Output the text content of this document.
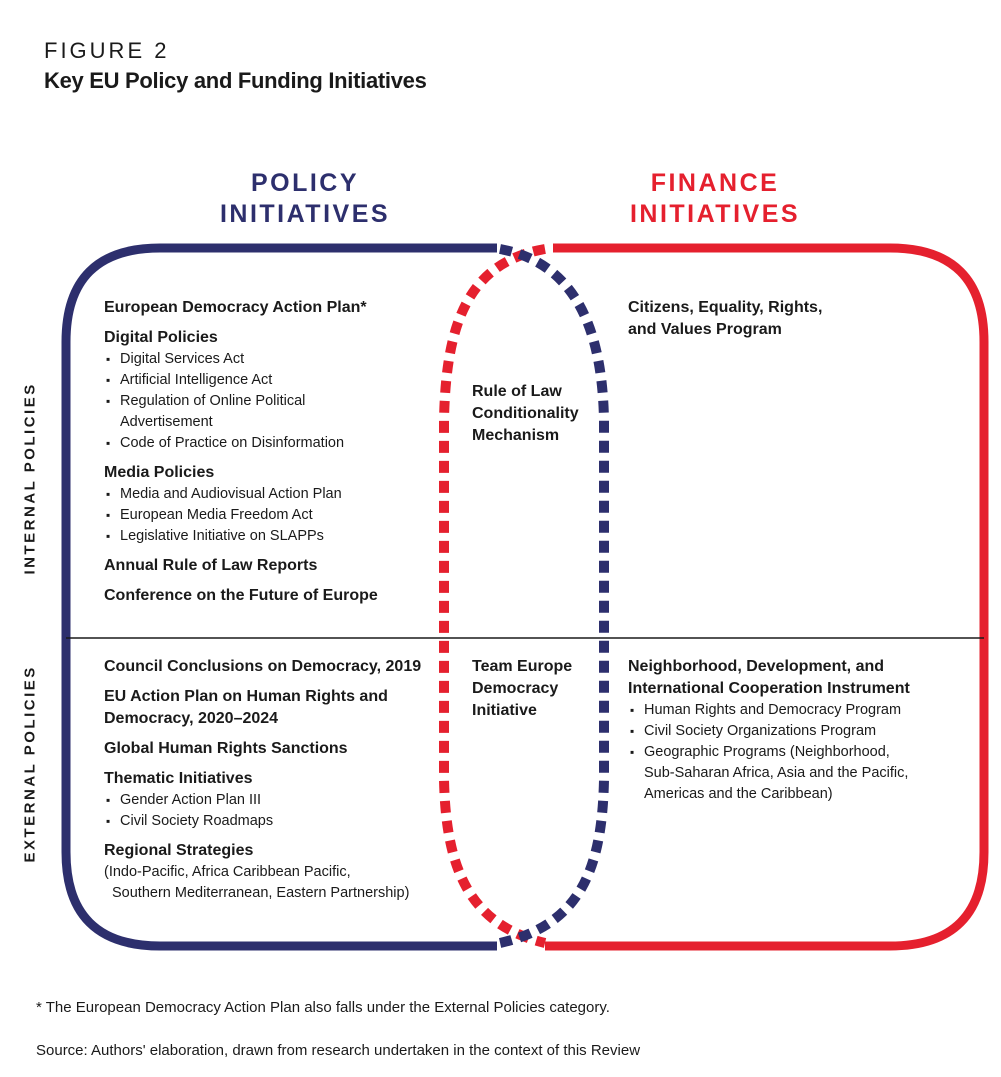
FIGURE 2
Key EU Policy and Funding Initiatives
POLICY
INITIATIVES
FINANCE
INITIATIVES
INTERNAL POLICIES
EXTERNAL POLICIES
European Democracy Action Plan*
Digital Policies
▪ Digital Services Act
▪ Artificial Intelligence Act
▪ Regulation of Online Political
Advertisement
▪ Code of Practice on Disinformation
Media Policies
▪ Media and Audiovisual Action Plan
▪ European Media Freedom Act
▪ Legislative Initiative on SLAPPs
Annual Rule of Law Reports
Conference on the Future of Europe
Rule of Law
Conditionality
Mechanism
Citizens, Equality, Rights,
and Values Program
Council Conclusions on Democracy, 2019
EU Action Plan on Human Rights and
Democracy, 2020–2024
Global Human Rights Sanctions
Thematic Initiatives
▪ Gender Action Plan III
▪ Civil Society Roadmaps
Regional Strategies
(Indo-Pacific, Africa Caribbean Pacific,
Southern Mediterranean, Eastern Partnership)
Team Europe
Democracy
Initiative
Neighborhood, Development, and
International Cooperation Instrument
▪ Human Rights and Democracy Program
▪ Civil Society Organizations Program
▪ Geographic Programs (Neighborhood,
Sub-Saharan Africa, Asia and the Pacific,
Americas and the Caribbean)
* The European Democracy Action Plan also falls under the External Policies category.
Source: Authors' elaboration, drawn from research undertaken in the context of this Review
